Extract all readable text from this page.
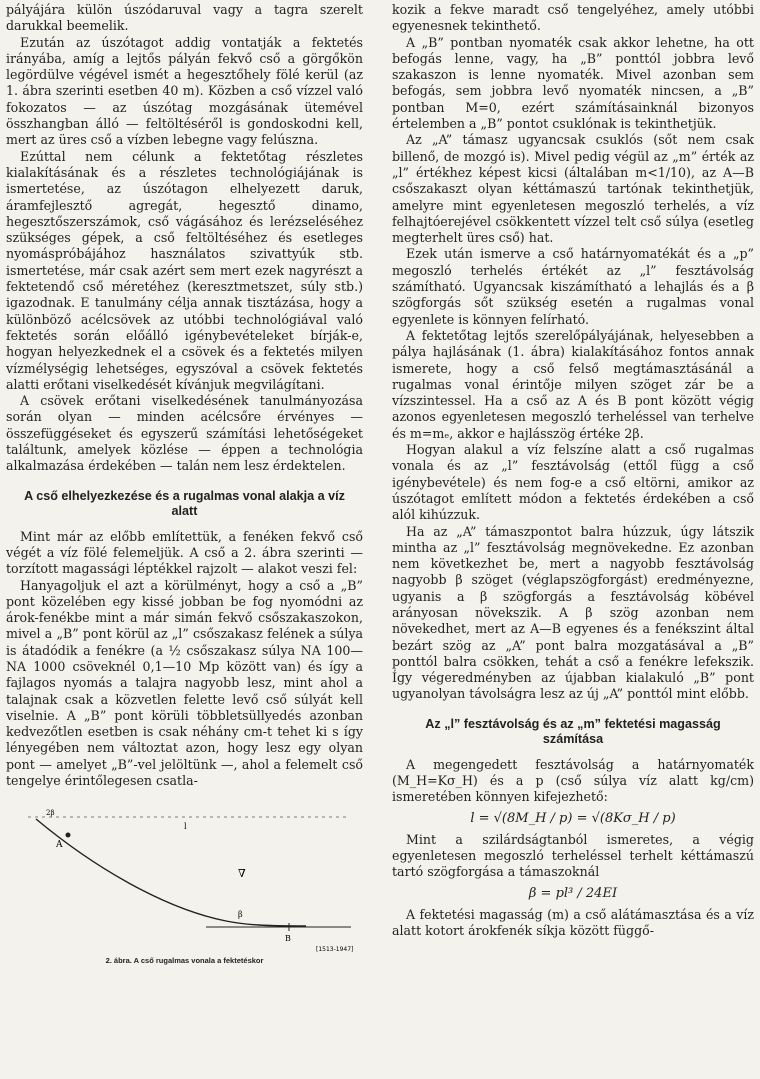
pályájára külön úszódaruval vagy a tagra szerelt darukkal beemelik.

Ezután az úszótagot addig vontatják a fektetés irányába, amíg a lejtős pályán fekvő cső a görgőkön legördülve végével ismét a hegesztőhely fölé kerül (az 1. ábra szerinti esetben 40 m). Közben a cső vízzel való fokozatos — az úszótag mozgásának ütemével összhangban álló — feltöltéséről is gondoskodni kell, mert az üres cső a vízben lebegne vagy felúszna.

Ezúttal nem célunk a fektetőtag részletes kialakításának és a részletes technológiájának is ismertetése, az úszótagon elhelyezett daruk, áramfejlesztő agregát, hegesztő dinamo, hegesztőszerszámok, cső vágásához és lerézseléséhez szükséges gépek, a cső feltöltéséhez és esetleges nyomáspróbájához használatos szivattyúk stb. ismertetése, már csak azért sem mert ezek nagyrészt a fektetendő cső méretéhez (keresztmetszet, súly stb.) igazodnak. E tanulmány célja annak tisztázása, hogy a különböző acélcsövek az utóbbi technológiával való fektetés során előálló igénybevételeket bírják-e, hogyan helyezkednek el a csövek és a fektetés milyen vízmélységig lehetséges, egyszóval a csövek fektetés alatti erőtani viselkedését kívánjuk megvilágítani.

A csövek erőtani viselkedésének tanulmányozása során olyan — minden acélcsőre érvényes — összefüggéseket és egyszerű számítási lehetőségeket találtunk, amelyek közlése — éppen a technológia alkalmazása érdekében — talán nem lesz érdektelen.

A cső elhelyezkezése és a rugalmas vonal alakja a víz alatt

Mint már az előbb említettük, a fenéken fekvő cső végét a víz fölé felemeljük. A cső a 2. ábra szerinti — torzított magassági léptékkel rajzolt — alakot veszi fel:

Hanyagoljuk el azt a körülményt, hogy a cső a „B” pont közelében egy kissé jobban be fog nyomódni az árok-fenékbe mint a már simán fekvő csőszakaszokon, mivel a „B” pont körül az „l” csőszakasz felének a súlya is átadódik a fenékre (a ½ csőszakasz súlya NA 100—NA 1000 csöveknél 0,1—10 Mp között van) és így a fajlagos nyomás a talajra nagyobb lesz, mint ahol a talajnak csak a közvetlen felette levő cső súlyát kell viselnie. A „B” pont körüli többletsüllyedés azonban kedvezőtlen esetben is csak néhány cm-t tehet ki s így lényegében nem változtat azon, hogy lesz egy olyan pont — amelyet „B”-vel jelöltünk —, ahol a felemelt cső tengelye érintőlegesen csatla-

A
2β
B
β
∇
l
[1513-1947]
2. ábra. A cső rugalmas vonala a fektetéskor

kozik a fekve maradt cső tengelyéhez, amely utóbbi egyenesnek tekinthető.

A „B” pontban nyomaték csak akkor lehetne, ha ott befogás lenne, vagy, ha „B” ponttól jobbra levő szakaszon is lenne nyomaték. Mivel azonban sem befogás, sem jobbra levő nyomaték nincsen, a „B” pontban M=0, ezért számításainknál bizonyos értelemben a „B” pontot csuklónak is tekinthetjük.

Az „A” támasz ugyancsak csuklós (sőt nem csak billenő, de mozgó is). Mivel pedig végül az „m” érték az „l” értékhez képest kicsi (általában m<1/10), az A—B csőszakaszt olyan kéttámaszú tartónak tekinthetjük, amelyre mint egyenletesen megoszló terhelés, a víz felhajtóerejével csökkentett vízzel telt cső súlya (esetleg megterhelt üres cső) hat.

Ezek után ismerve a cső határnyomatékát és a „p” megoszló terhelés értékét az „l” fesztávolság számítható. Ugyancsak kiszámítható a lehajlás és a β szögforgás sőt szükség esetén a rugalmas vonal egyenlete is könnyen felírható.

A fektetőtag lejtős szerelőpályájának, helyesebben a pálya hajlásának (1. ábra) kialakításához fontos annak ismerete, hogy a cső felső megtámasztásánál a rugalmas vonal érintője milyen szöget zár be a vízszintessel. Ha a cső az A és B pont között végig azonos egyenletesen megoszló terheléssel van terhelve és m=mₑ, akkor e hajlásszög értéke 2β.

Hogyan alakul a víz felszíne alatt a cső rugalmas vonala és az „l” fesztávolság (ettől függ a cső igénybevétele) és nem fog-e a cső eltörni, amikor az úszótagot említett módon a fektetés érdekében a cső alól kihúzzuk.

Ha az „A” támaszpontot balra húzzuk, úgy látszik mintha az „l” fesztávolság megnövekedne. Ez azonban nem következhet be, mert a nagyobb fesztávolság nagyobb β szöget (véglapszögforgást) eredményezne, ugyanis a β szögforgás a fesztávolság köbével arányosan növekszik. A β szög azonban nem növekedhet, mert az A—B egyenes és a fenékszint által bezárt szög az „A” pont balra mozgatásával a „B” ponttól balra csökken, tehát a cső a fenékre lefekszik. Így végeredményben az újabban kialakuló „B” pont ugyanolyan távolságra lesz az új „A” ponttól mint előbb.

Az „l” fesztávolság és az „m” fektetési magasság számítása

A megengedett fesztávolság a határnyomaték (M_H=Kσ_H) és a p (cső súlya víz alatt kg/cm) ismeretében könnyen kifejezhető:

l = √(8M_H / p) = √(8Kσ_H / p)

Mint a szilárdságtanból ismeretes, a végig egyenletesen megoszló terheléssel terhelt kéttámaszú tartó szögforgása a támaszoknál

β = pl³ / 24EI

A fektetési magasság (m) a cső alátámasztása és a víz alatt kotort árokfenék síkja között függő-
